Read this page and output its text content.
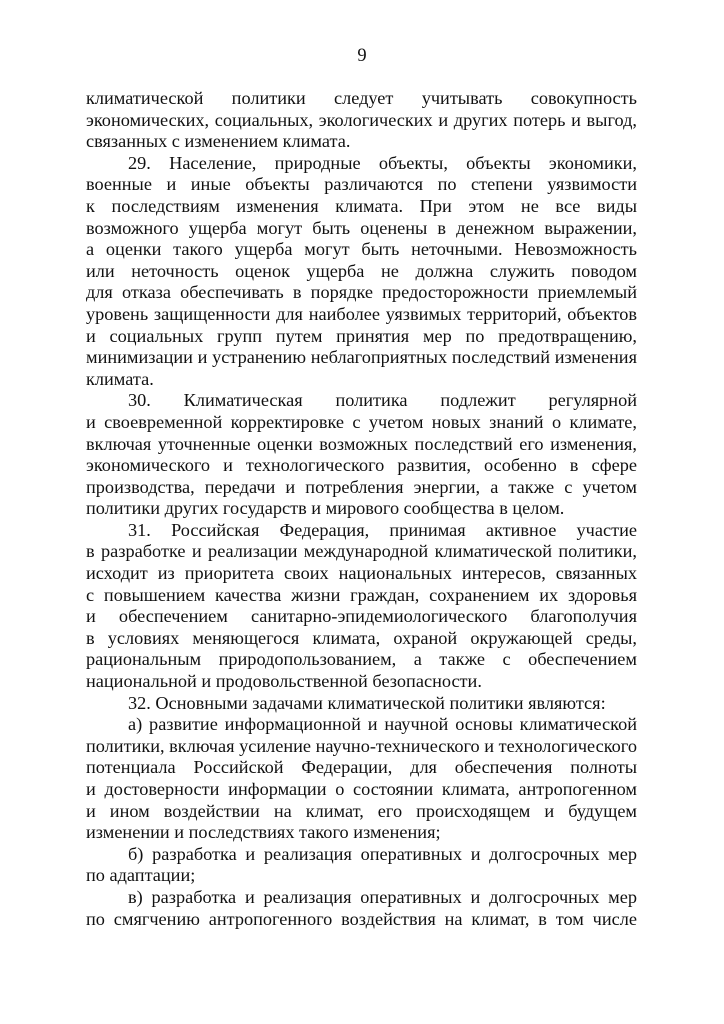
9
климатической политики следует учитывать совокупность
экономических, социальных, экологических и других потерь и выгод,
связанных с изменением климата.
29. Население, природные объекты, объекты экономики,
военные и иные объекты различаются по степени уязвимости
к последствиям изменения климата. При этом не все виды
возможного ущерба могут быть оценены в денежном выражении,
а оценки такого ущерба могут быть неточными. Невозможность
или неточность оценок ущерба не должна служить поводом
для отказа обеспечивать в порядке предосторожности приемлемый
уровень защищенности для наиболее уязвимых территорий, объектов
и социальных групп путем принятия мер по предотвращению,
минимизации и устранению неблагоприятных последствий изменения
климата.
30. Климатическая политика подлежит регулярной
и своевременной корректировке с учетом новых знаний о климате,
включая уточненные оценки возможных последствий его изменения,
экономического и технологического развития, особенно в сфере
производства, передачи и потребления энергии, а также с учетом
политики других государств и мирового сообщества в целом.
31. Российская Федерация, принимая активное участие
в разработке и реализации международной климатической политики,
исходит из приоритета своих национальных интересов, связанных
с повышением качества жизни граждан, сохранением их здоровья
и обеспечением санитарно-эпидемиологического благополучия
в условиях меняющегося климата, охраной окружающей среды,
рациональным природопользованием, а также с обеспечением
национальной и продовольственной безопасности.
32. Основными задачами климатической политики являются:
а) развитие информационной и научной основы климатической
политики, включая усиление научно-технического и технологического
потенциала Российской Федерации, для обеспечения полноты
и достоверности информации о состоянии климата, антропогенном
и ином воздействии на климат, его происходящем и будущем
изменении и последствиях такого изменения;
б) разработка и реализация оперативных и долгосрочных мер
по адаптации;
в) разработка и реализация оперативных и долгосрочных мер
по смягчению антропогенного воздействия на климат, в том числе
